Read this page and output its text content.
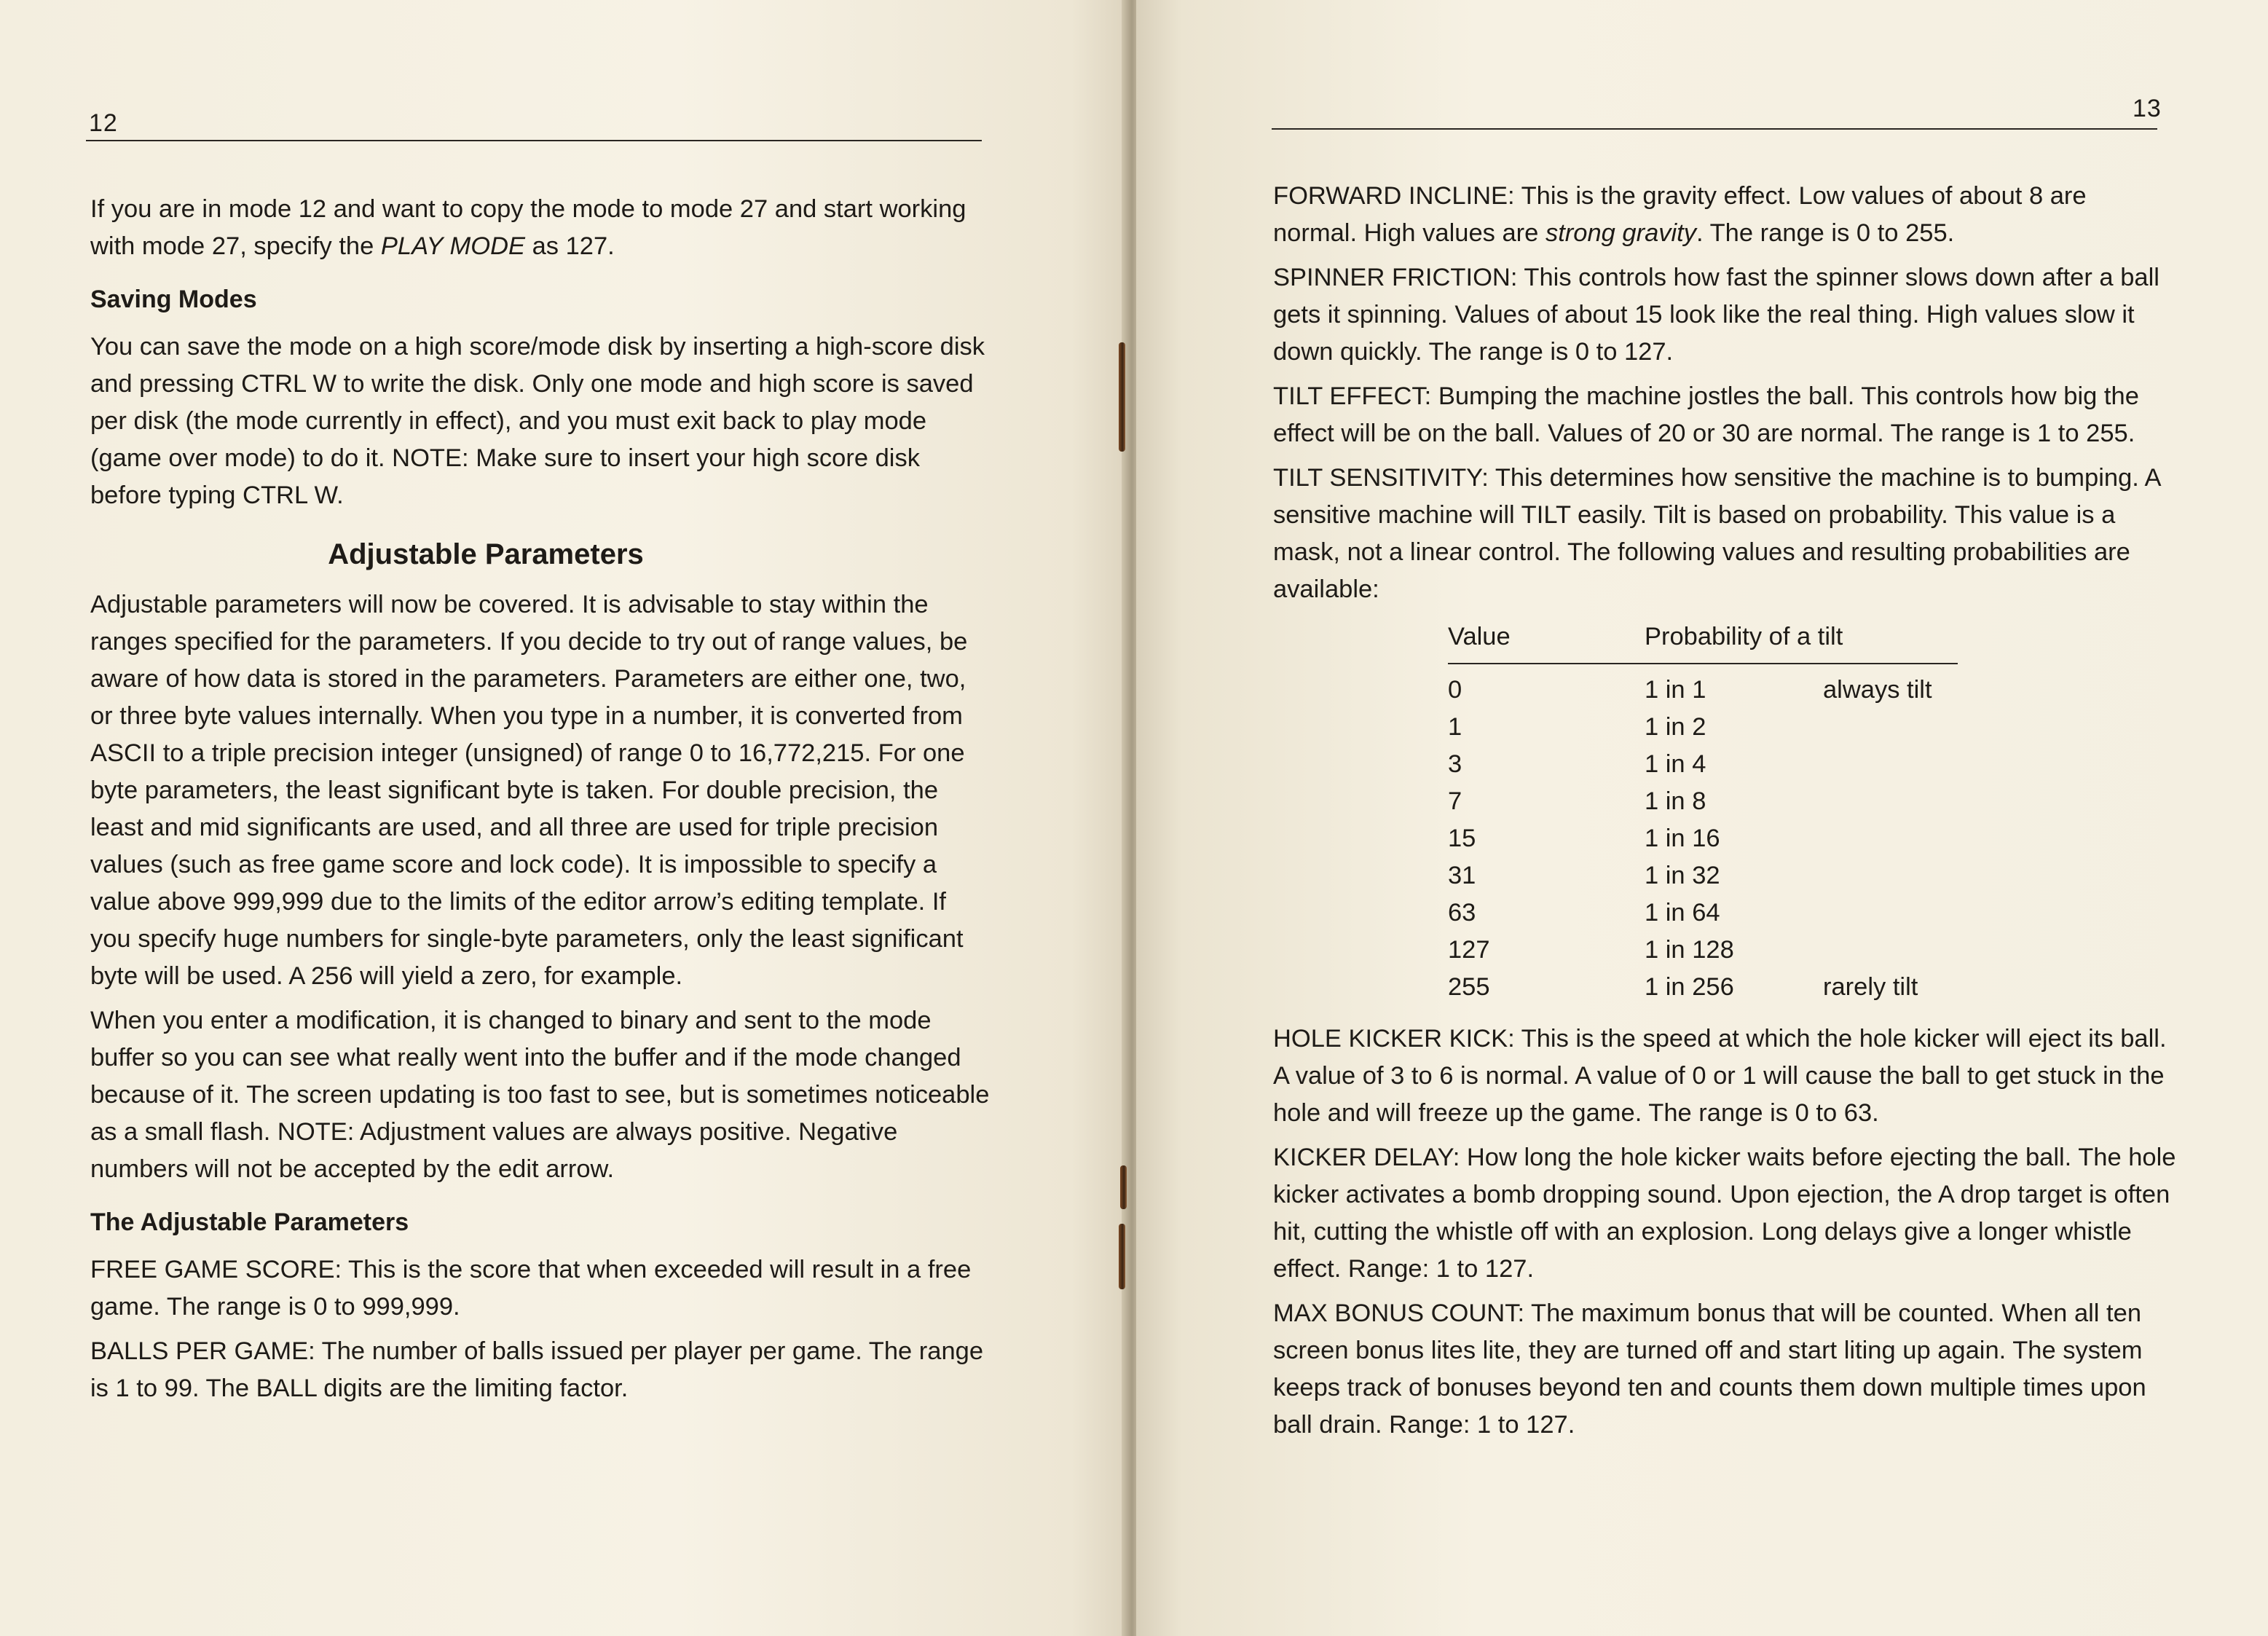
12

If you are in mode 12 and want to copy the mode to mode 27 and start working with mode 27, specify the PLAY MODE as 127.

Saving Modes

You can save the mode on a high score/mode disk by inserting a high-score disk and pressing CTRL W to write the disk. Only one mode and high score is saved per disk (the mode currently in effect), and you must exit back to play mode (game over mode) to do it. NOTE: Make sure to insert your high score disk before typing CTRL W.

Adjustable Parameters

Adjustable parameters will now be covered. It is advisable to stay within the ranges specified for the parameters. If you decide to try out of range values, be aware of how data is stored in the parameters. Parameters are either one, two, or three byte values internally. When you type in a number, it is converted from ASCII to a triple precision integer (unsigned) of range 0 to 16,772,215. For one byte parameters, the least significant byte is taken. For double precision, the least and mid significants are used, and all three are used for triple precision values (such as free game score and lock code). It is impossible to specify a value above 999,999 due to the limits of the editor arrow’s editing template. If you specify huge numbers for single-byte parameters, only the least significant byte will be used. A 256 will yield a zero, for example.

When you enter a modification, it is changed to binary and sent to the mode buffer so you can see what really went into the buffer and if the mode changed because of it. The screen updating is too fast to see, but is sometimes noticeable as a small flash. NOTE: Adjustment values are always positive. Negative numbers will not be accepted by the edit arrow.

The Adjustable Parameters

FREE GAME SCORE: This is the score that when exceeded will result in a free game. The range is 0 to 999,999.

BALLS PER GAME: The number of balls issued per player per game. The range is 1 to 99. The BALL digits are the limiting factor.

13

FORWARD INCLINE: This is the gravity effect. Low values of about 8 are normal. High values are strong gravity. The range is 0 to 255.

SPINNER FRICTION: This controls how fast the spinner slows down after a ball gets it spinning. Values of about 15 look like the real thing. High values slow it down quickly. The range is 0 to 127.

TILT EFFECT: Bumping the machine jostles the ball. This controls how big the effect will be on the ball. Values of 20 or 30 are normal. The range is 1 to 255.

TILT SENSITIVITY: This determines how sensitive the machine is to bumping. A sensitive machine will TILT easily. Tilt is based on probability. This value is a mask, not a linear control. The following values and resulting probabilities are available:

Value	Probability of a tilt	
0	1 in 1	always tilt
1	1 in 2	
3	1 in 4	
7	1 in 8	
15	1 in 16	
31	1 in 32	
63	1 in 64	
127	1 in 128	
255	1 in 256	rarely tilt

HOLE KICKER KICK: This is the speed at which the hole kicker will eject its ball. A value of 3 to 6 is normal. A value of 0 or 1 will cause the ball to get stuck in the hole and will freeze up the game. The range is 0 to 63.

KICKER DELAY: How long the hole kicker waits before ejecting the ball. The hole kicker activates a bomb dropping sound. Upon ejection, the A drop target is often hit, cutting the whistle off with an explosion. Long delays give a longer whistle effect. Range: 1 to 127.

MAX BONUS COUNT: The maximum bonus that will be counted. When all ten screen bonus lites lite, they are turned off and start liting up again. The system keeps track of bonuses beyond ten and counts them down multiple times upon ball drain. Range: 1 to 127.
